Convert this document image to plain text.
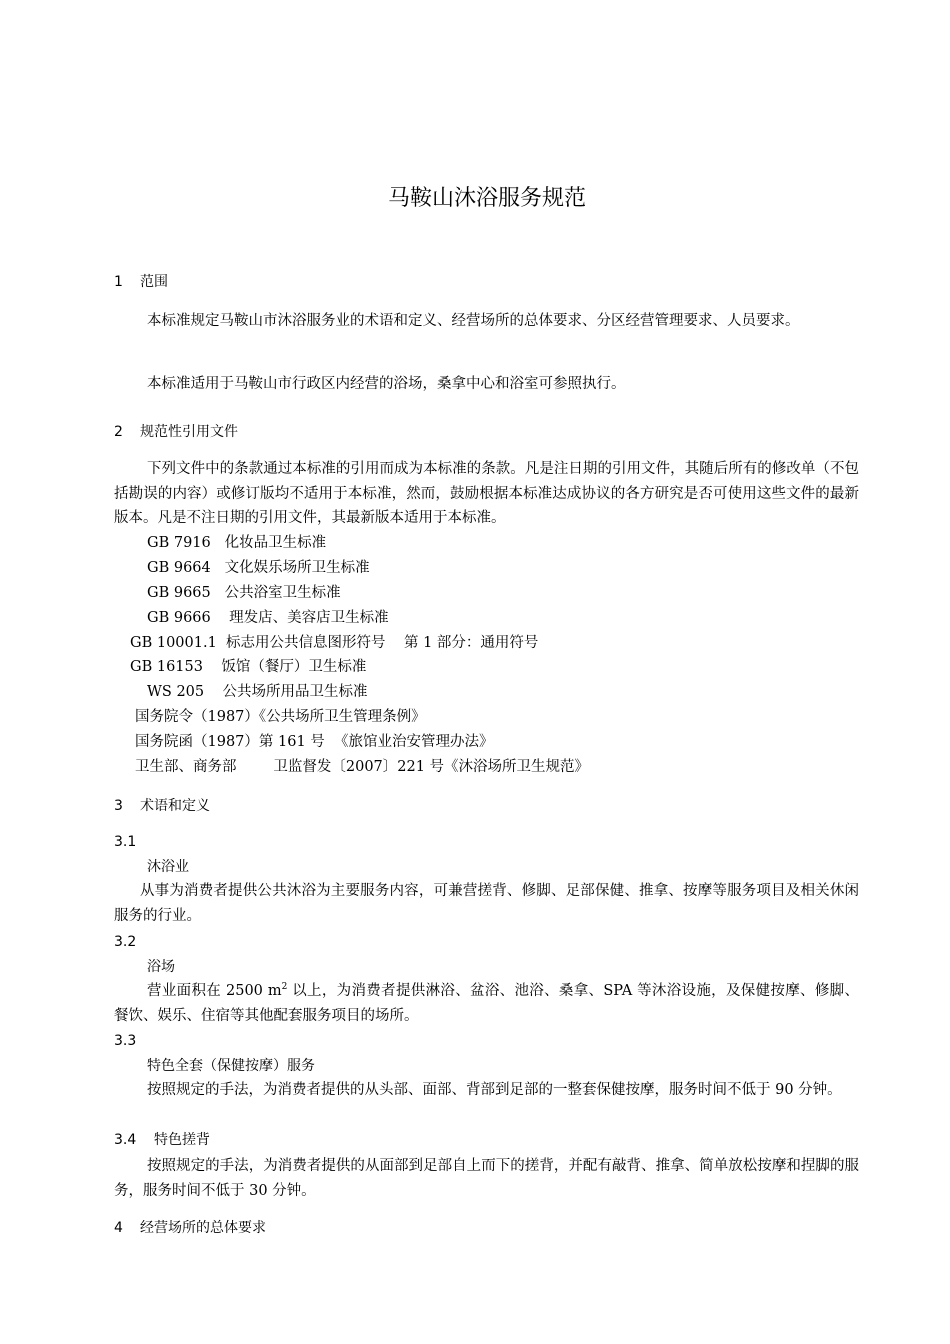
马鞍山沐浴服务规范
1 范围
本标准规定马鞍山市沐浴服务业的术语和定义、经营场所的总体要求、分区经营管理要求、人员要求。
本标准适用于马鞍山市行政区内经营的浴场，桑拿中心和浴室可参照执行。
2 规范性引用文件
下列文件中的条款通过本标准的引用而成为本标准的条款。凡是注日期的引用文件，其随后所有的修改单（不包括勘误的内容）或修订版均不适用于本标准，然而，鼓励根据本标准达成协议的各方研究是否可使用这些文件的最新版本。凡是不注日期的引用文件，其最新版本适用于本标准。
GB 7916   化妆品卫生标准
GB 9664   文化娱乐场所卫生标准
GB 9665   公共浴室卫生标准
GB 9666    理发店、美容店卫生标准
GB 10001.1  标志用公共信息图形符号    第 1 部分：通用符号
GB 16153    饭馆（餐厅）卫生标准
WS 205    公共场所用品卫生标准
国务院令（1987）《公共场所卫生管理条例》
国务院函（1987）第 161 号  《旅馆业治安管理办法》
卫生部、商务部        卫监督发〔2007〕221 号《沐浴场所卫生规范》
3 术语和定义
3.1
沐浴业
从事为消费者提供公共沐浴为主要服务内容，可兼营搓背、修脚、足部保健、推拿、按摩等服务项目及相关休闲服务的行业。
3.2
浴场
营业面积在 2500 $m^2$ 以上，为消费者提供淋浴、盆浴、池浴、桑拿、SPA 等沐浴设施，及保健按摩、修脚、餐饮、娱乐、住宿等其他配套服务项目的场所。
3.3
特色全套（保健按摩）服务
按照规定的手法，为消费者提供的从头部、面部、背部到足部的一整套保健按摩，服务时间不低于 90 分钟。
3.4 特色搓背
按照规定的手法，为消费者提供的从面部到足部自上而下的搓背，并配有敲背、推拿、简单放松按摩和捏脚的服务，服务时间不低于 30 分钟。
4 经营场所的总体要求
